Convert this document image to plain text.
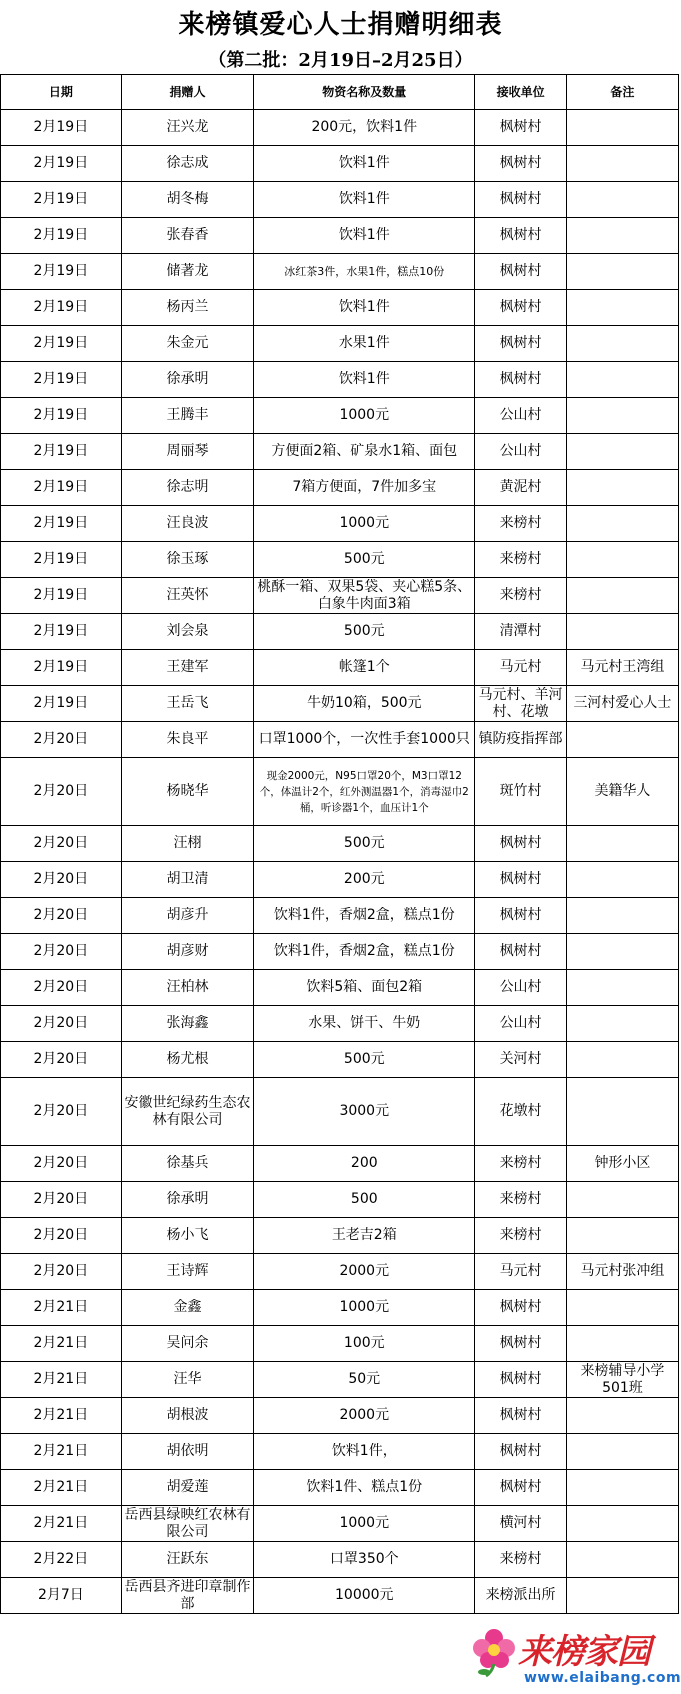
来榜镇爱心人士捐赠明细表
（第二批：2月19日–2月25日）
日期	捐赠人	物资名称及数量	接收单位	备注

2月19日	汪兴龙	200元，饮料1件	枫树村	

2月19日	徐志成	饮料1件	枫树村	

2月19日	胡冬梅	饮料1件	枫树村	

2月19日	张春香	饮料1件	枫树村	

2月19日	储著龙	冰红茶3件，水果1件，糕点10份	枫树村	

2月19日	杨丙兰	饮料1件	枫树村	

2月19日	朱金元	水果1件	枫树村	

2月19日	徐承明	饮料1件	枫树村	

2月19日	王腾丰	1000元	公山村	

2月19日	周丽琴	方便面2箱、矿泉水1箱、面包	公山村	

2月19日	徐志明	7箱方便面，7件加多宝	黄泥村	

2月19日	汪良波	1000元	来榜村	

2月19日	徐玉琢	500元	来榜村	

2月19日	汪英怀	桃酥一箱、双果5袋、夹心糕5条、白象牛肉面3箱	来榜村	

2月19日	刘会泉	500元	清潭村	

2月19日	王建军	帐篷1个	马元村	马元村王湾组

2月19日	王岳飞	牛奶10箱，500元	马元村、羊河村、花墩	三河村爱心人士

2月20日	朱良平	口罩1000个，一次性手套1000只	镇防疫指挥部	

2月20日	杨晓华	现金2000元，N95口罩20个，M3口罩12个，体温计2个，红外测温器1个，消毒湿巾2桶，听诊器1个，血压计1个	斑竹村	美籍华人

2月20日	汪栩	500元	枫树村	

2月20日	胡卫清	200元	枫树村	

2月20日	胡彦升	饮料1件，香烟2盒，糕点1份	枫树村	

2月20日	胡彦财	饮料1件，香烟2盒，糕点1份	枫树村	

2月20日	汪柏林	饮料5箱、面包2箱	公山村	

2月20日	张海鑫	水果、饼干、牛奶	公山村	

2月20日	杨尤根	500元	关河村	

2月20日	安徽世纪绿药生态农林有限公司	3000元	花墩村	

2月20日	徐基兵	200	来榜村	钟形小区

2月20日	徐承明	500	来榜村	

2月20日	杨小飞	王老吉2箱	来榜村	

2月20日	王诗辉	2000元	马元村	马元村张冲组

2月21日	金鑫	1000元	枫树村	

2月21日	吴问余	100元	枫树村	

2月21日	汪华	50元	枫树村	来榜辅导小学501班

2月21日	胡根波	2000元	枫树村	

2月21日	胡依明	饮料1件，	枫树村	

2月21日	胡爱莲	饮料1件、糕点1份	枫树村	

2月21日	岳西县绿映红农林有限公司	1000元	横河村	

2月22日	汪跃东	口罩350个	来榜村	

2月7日	岳西县齐进印章制作部	10000元	来榜派出所	

来榜家园
www.elaibang.com
